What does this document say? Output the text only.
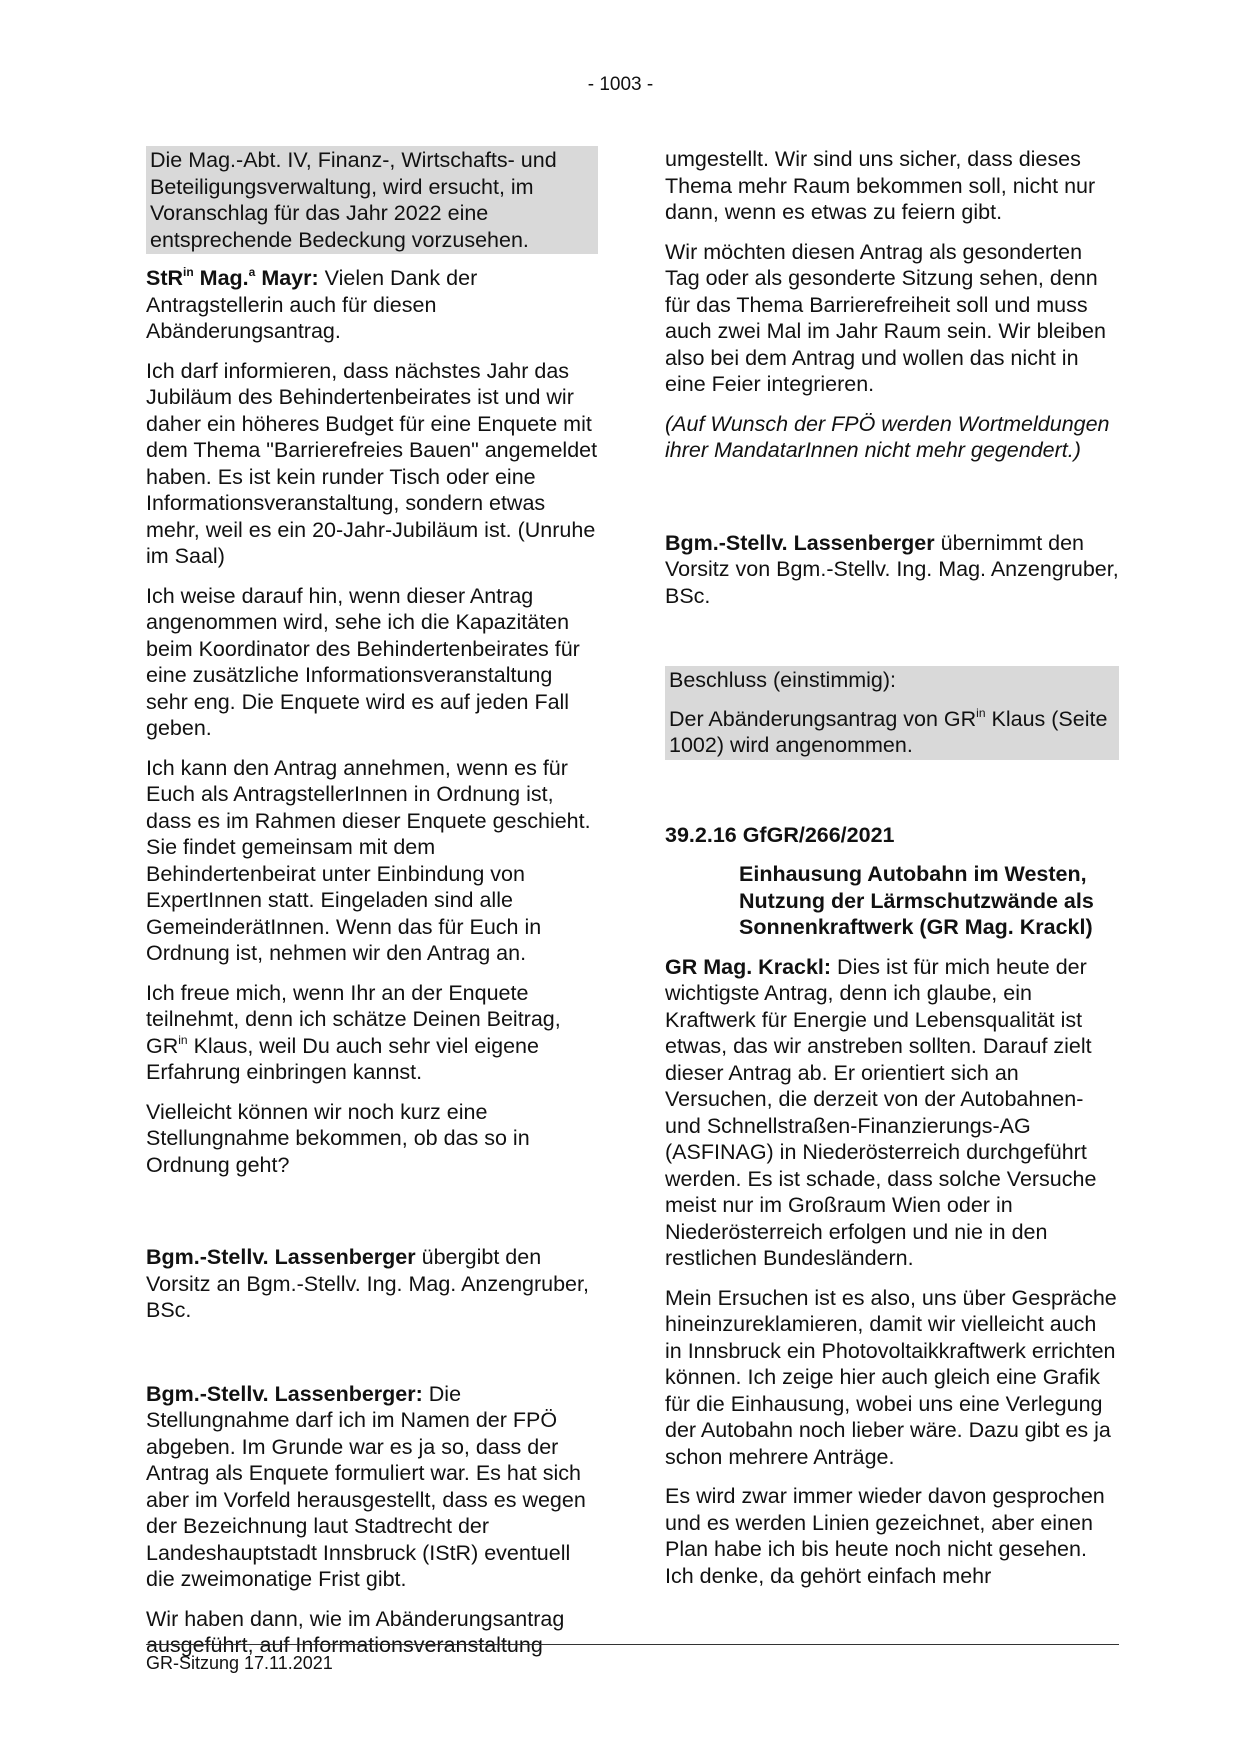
- 1003 -

Die Mag.-Abt. IV, Finanz-, Wirtschafts- und Beteiligungsverwaltung, wird ersucht, im Voranschlag für das Jahr 2022 eine entsprechende Bedeckung vorzusehen.

StR$^{in}$ Mag.$^a$ Mayr: Vielen Dank der Antragstellerin auch für diesen Abänderungsantrag.

Ich darf informieren, dass nächstes Jahr das Jubiläum des Behindertenbeirates ist und wir daher ein höheres Budget für eine Enquete mit dem Thema "Barrierefreies Bauen" angemeldet haben. Es ist kein runder Tisch oder eine Informationsveranstaltung, sondern etwas mehr, weil es ein 20-Jahr-Jubiläum ist. (Unruhe im Saal)

Ich weise darauf hin, wenn dieser Antrag angenommen wird, sehe ich die Kapazitäten beim Koordinator des Behindertenbeirates für eine zusätzliche Informationsveranstaltung sehr eng. Die Enquete wird es auf jeden Fall geben.

Ich kann den Antrag annehmen, wenn es für Euch als AntragstellerInnen in Ordnung ist, dass es im Rahmen dieser Enquete geschieht. Sie findet gemeinsam mit dem Behindertenbeirat unter Einbindung von ExpertInnen statt. Eingeladen sind alle GemeinderätInnen. Wenn das für Euch in Ordnung ist, nehmen wir den Antrag an.

Ich freue mich, wenn Ihr an der Enquete teilnehmt, denn ich schätze Deinen Beitrag, $GR^{in}$ Klaus, weil Du auch sehr viel eigene Erfahrung einbringen kannst.

Vielleicht können wir noch kurz eine Stellungnahme bekommen, ob das so in Ordnung geht?

Bgm.-Stellv. Lassenberger übergibt den Vorsitz an Bgm.-Stellv. Ing. Mag. Anzengruber, BSc.

Bgm.-Stellv. Lassenberger: Die Stellungnahme darf ich im Namen der FPÖ abgeben. Im Grunde war es ja so, dass der Antrag als Enquete formuliert war. Es hat sich aber im Vorfeld herausgestellt, dass es wegen der Bezeichnung laut Stadtrecht der Landeshauptstadt Innsbruck (IStR) eventuell die zweimonatige Frist gibt.

Wir haben dann, wie im Abänderungsantrag ausgeführt, auf Informationsveranstaltung

umgestellt. Wir sind uns sicher, dass dieses Thema mehr Raum bekommen soll, nicht nur dann, wenn es etwas zu feiern gibt.

Wir möchten diesen Antrag als gesonderten Tag oder als gesonderte Sitzung sehen, denn für das Thema Barrierefreiheit soll und muss auch zwei Mal im Jahr Raum sein. Wir bleiben also bei dem Antrag und wollen das nicht in eine Feier integrieren.

(Auf Wunsch der FPÖ werden Wortmeldungen ihrer MandatarInnen nicht mehr gegendert.)

Bgm.-Stellv. Lassenberger übernimmt den Vorsitz von Bgm.-Stellv. Ing. Mag. Anzengruber, BSc.

Beschluss (einstimmig):

Der Abänderungsantrag von $GR^{in}$ Klaus (Seite 1002) wird angenommen.

39.2.16 GfGR/266/2021

Einhausung Autobahn im Westen, Nutzung der Lärmschutzwände als Sonnenkraftwerk (GR Mag. Krackl)

GR Mag. Krackl: Dies ist für mich heute der wichtigste Antrag, denn ich glaube, ein Kraftwerk für Energie und Lebensqualität ist etwas, das wir anstreben sollten. Darauf zielt dieser Antrag ab. Er orientiert sich an Versuchen, die derzeit von der Autobahnen- und Schnellstraßen-Finanzierungs-AG (ASFINAG) in Niederösterreich durchgeführt werden. Es ist schade, dass solche Versuche meist nur im Großraum Wien oder in Niederösterreich erfolgen und nie in den restlichen Bundesländern.

Mein Ersuchen ist es also, uns über Gespräche hineinzureklamieren, damit wir vielleicht auch in Innsbruck ein Photovoltaikkraftwerk errichten können. Ich zeige hier auch gleich eine Grafik für die Einhausung, wobei uns eine Verlegung der Autobahn noch lieber wäre. Dazu gibt es ja schon mehrere Anträge.

Es wird zwar immer wieder davon gesprochen und es werden Linien gezeichnet, aber einen Plan habe ich bis heute noch nicht gesehen. Ich denke, da gehört einfach mehr

GR-Sitzung 17.11.2021
